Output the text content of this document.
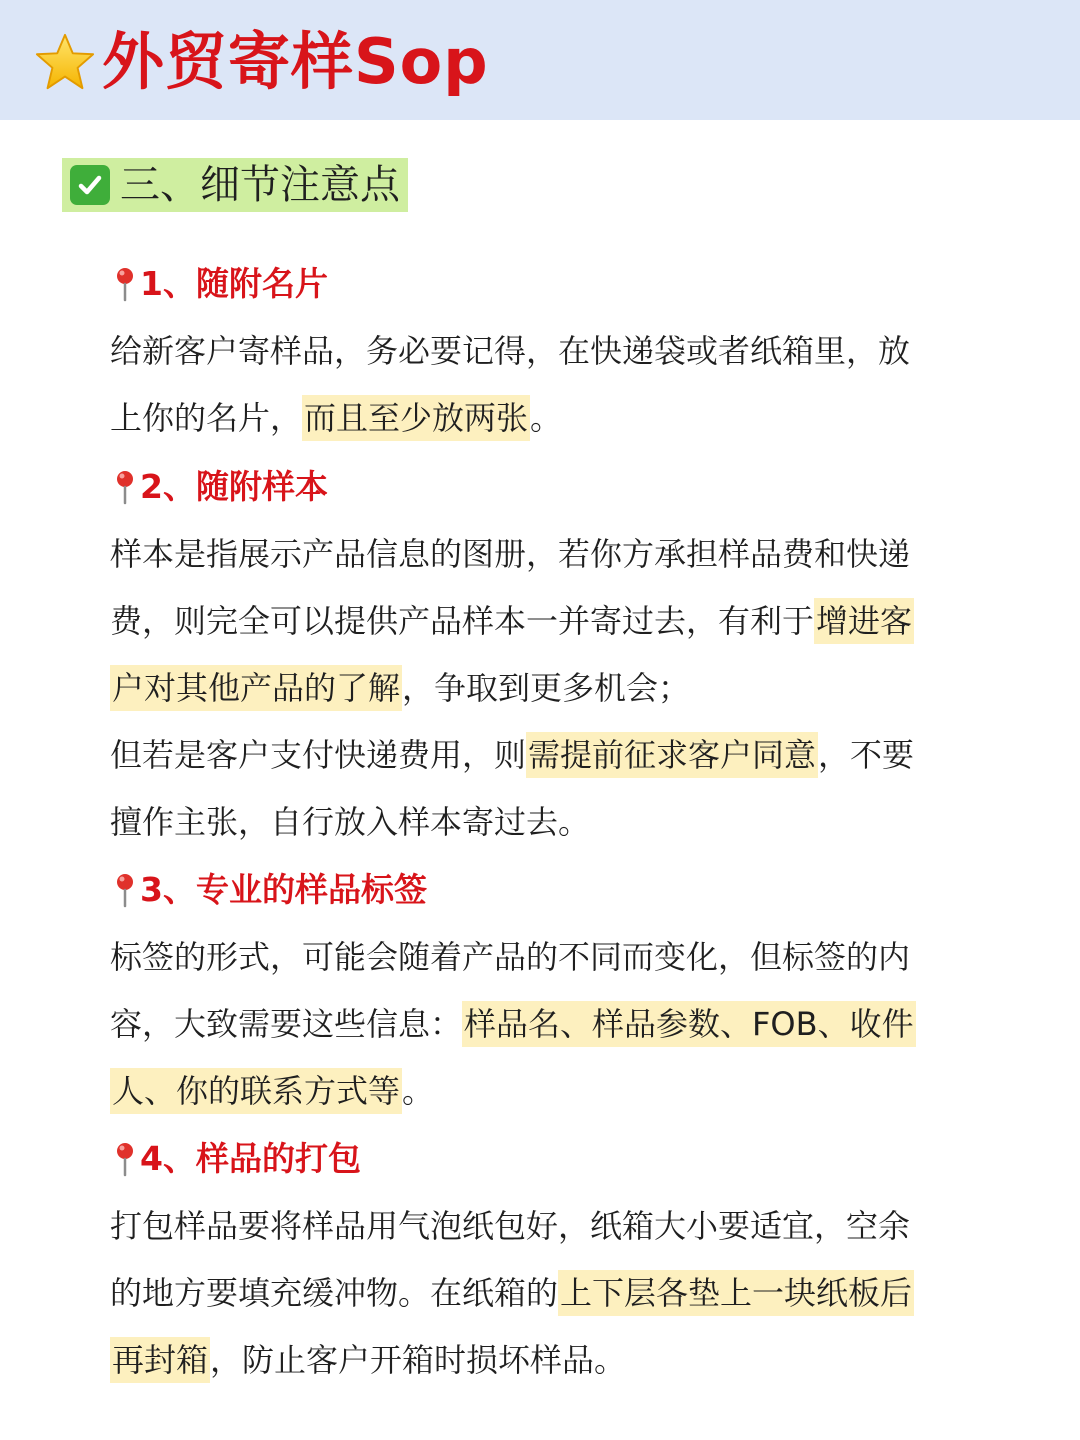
外贸寄样Sop
三、细节注意点
1、随附名片

给新客户寄样品，务必要记得，在快递袋或者纸箱里，放
上你的名片，而且至少放两张。

2、随附样本

样本是指展示产品信息的图册，若你方承担样品费和快递
费，则完全可以提供产品样本一并寄过去，有利于增进客
户对其他产品的了解，争取到更多机会；
但若是客户支付快递费用，则需提前征求客户同意，不要
擅作主张，自行放入样本寄过去。

3、专业的样品标签

标签的形式，可能会随着产品的不同而变化，但标签的内
容，大致需要这些信息：样品名、样品参数、FOB、收件
人、你的联系方式等。

4、样品的打包

打包样品要将样品用气泡纸包好，纸箱大小要适宜，空余
的地方要填充缓冲物。在纸箱的上下层各垫上一块纸板后
再封箱，防止客户开箱时损坏样品。
